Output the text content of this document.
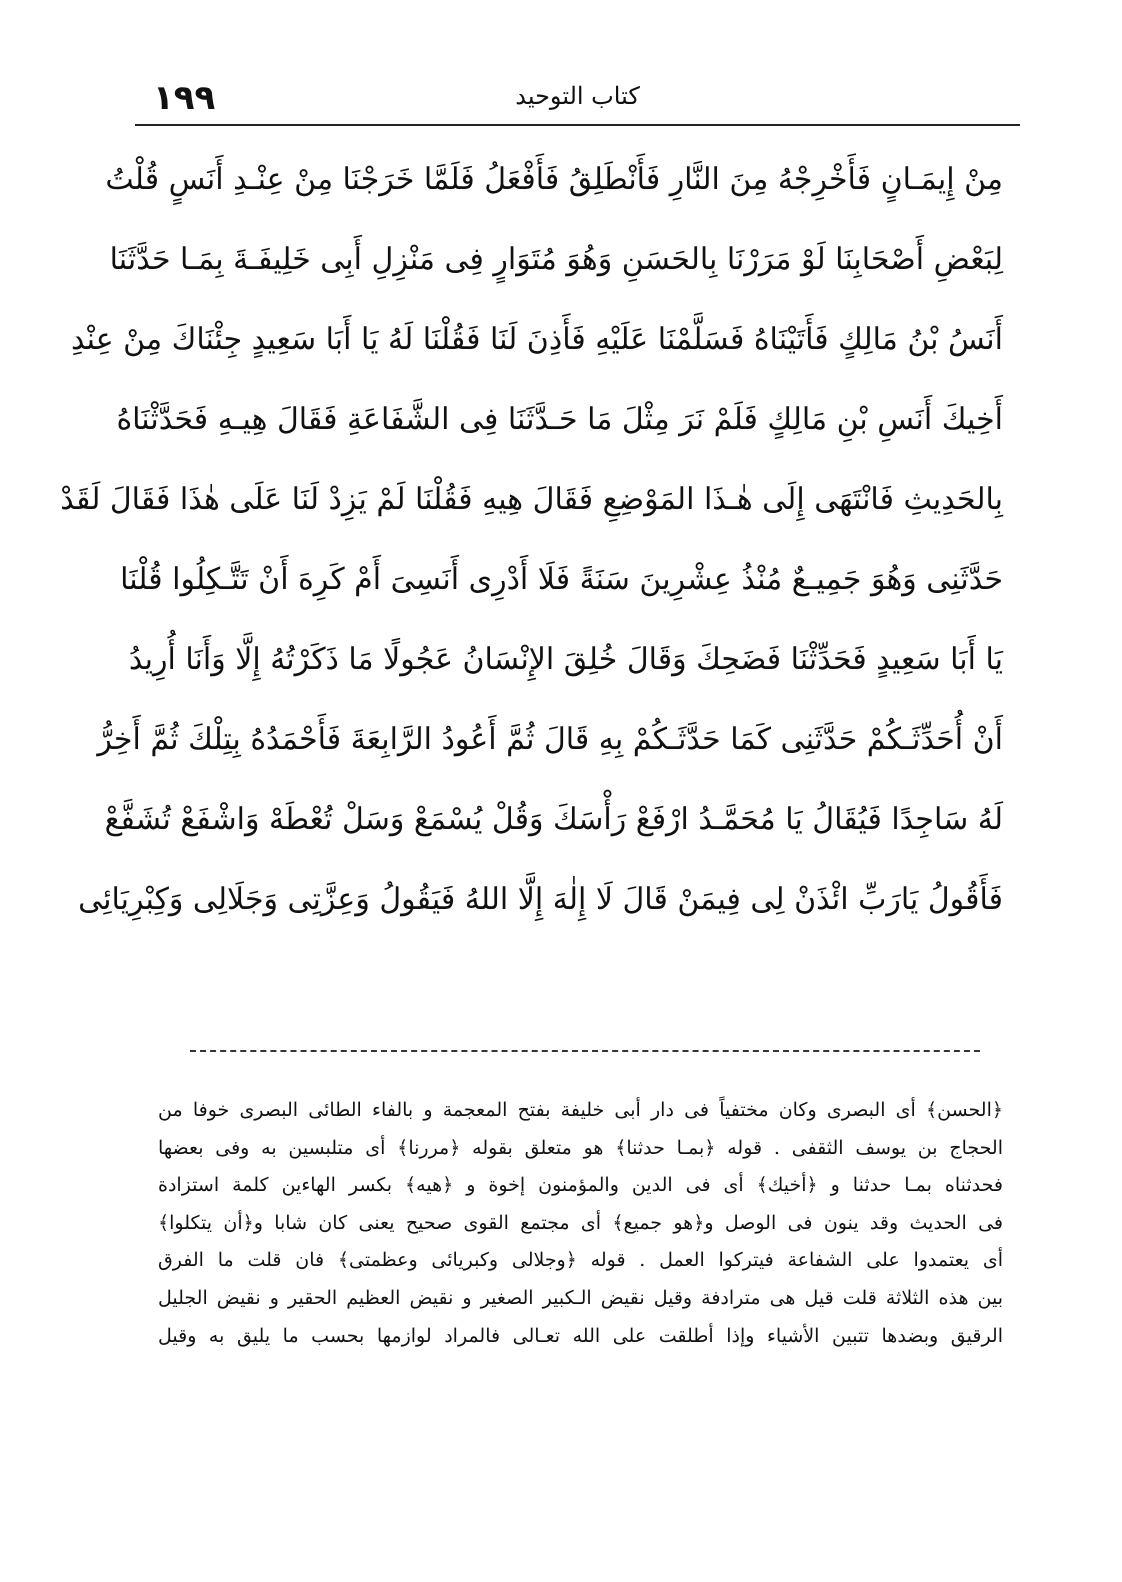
١٩٩	كتاب التوحيد
مِنْ إِيمَـانٍ فَأَخْرِجْهُ مِنَ النَّارِ فَأَنْطَلِقُ فَأَفْعَلُ فَلَمَّا خَرَجْنَا مِنْ عِنْـدِ أَنَسٍ قُلْتُ
لِبَعْضِ أَصْحَابِنَا لَوْ مَرَرْنَا بِالحَسَنِ وَهُوَ مُتَوَارٍ فِى مَنْزِلِ أَبِى خَلِيفَـةَ بِمَـا حَدَّثَنَا
أَنَسُ بْنُ مَالِكٍ فَأَتَيْنَاهُ فَسَلَّمْنَا عَلَيْهِ فَأَذِنَ لَنَا فَقُلْنَا لَهُ يَا أَبَا سَعِيدٍ جِئْنَاكَ مِنْ عِنْدِ
أَخِيكَ أَنَسِ بْنِ مَالِكٍ فَلَمْ نَرَ مِثْلَ مَا حَـدَّثَنَا فِى الشَّفَاعَةِ فَقَالَ هِيـهِ فَحَدَّثْنَاهُ
بِالحَدِيثِ فَانْتَهَى إِلَى هٰـذَا المَوْضِعِ فَقَالَ هِيهِ فَقُلْنَا لَمْ يَزِدْ لَنَا عَلَى هٰذَا فَقَالَ لَقَدْ
حَدَّثَنِى وَهُوَ جَمِيـعٌ مُنْذُ عِشْرِينَ سَنَةً فَلَا أَدْرِى أَنَسِىَ أَمْ كَرِهَ أَنْ تَتَّـكِلُوا قُلْنَا
يَا أَبَا سَعِيدٍ فَحَدِّثْنَا فَضَحِكَ وَقَالَ خُلِقَ الإِنْسَانُ عَجُولًا مَا ذَكَرْتُهُ إِلَّا وَأَنَا أُرِيدُ
أَنْ أُحَدِّثَـكُمْ حَدَّثَنِى كَمَا حَدَّثَـكُمْ بِهِ قَالَ ثُمَّ أَعُودُ الرَّابِعَةَ فَأَحْمَدُهُ بِتِلْكَ ثُمَّ أَخِرُّ
لَهُ سَاجِدًا فَيُقَالُ يَا مُحَمَّـدُ ارْفَعْ رَأْسَكَ وَقُلْ يُسْمَعْ وَسَلْ تُعْطَهْ وَاشْفَعْ تُشَفَّعْ
فَأَقُولُ يَارَبِّ ائْذَنْ لِى فِيمَنْ قَالَ لَا إِلٰهَ إِلَّا اللهُ فَيَقُولُ وَعِزَّتِى وَجَلَالِى وَكِبْرِيَائِى
﴿الحسن﴾ أى البصرى وكان مختفياً فى دار أبى خليفة بفتح المعجمة و بالفاء الطائى البصرى خوفا من
الحجاج بن يوسف الثقفى . قوله ﴿بمـا حدثنا﴾ هو متعلق بقوله ﴿مررنا﴾ أى متلبسين به وفى بعضها
فحدثناه بمـا حدثنا و ﴿أخيك﴾ أى فى الدين والمؤمنون إخوة و ﴿هيه﴾ بكسر الهاءين كلمة استزادة
فى الحديث وقد ينون فى الوصل و﴿هو جميع﴾ أى مجتمع القوى صحيح يعنى كان شابا و﴿أن يتكلوا﴾
أى يعتمدوا على الشفاعة فيتركوا العمل . قوله ﴿وجلالى وكبريائى وعظمتى﴾ فان قلت ما الفرق
بين هذه الثلاثة قلت قيل هى مترادفة وقيل نقيض الـكبير الصغير و نقيض العظيم الحقير و نقيض الجليل
الرقيق وبضدها تتبين الأشياء وإذا أطلقت على الله تعـالى فالمراد لوازمها بحسب ما يليق به وقيل
